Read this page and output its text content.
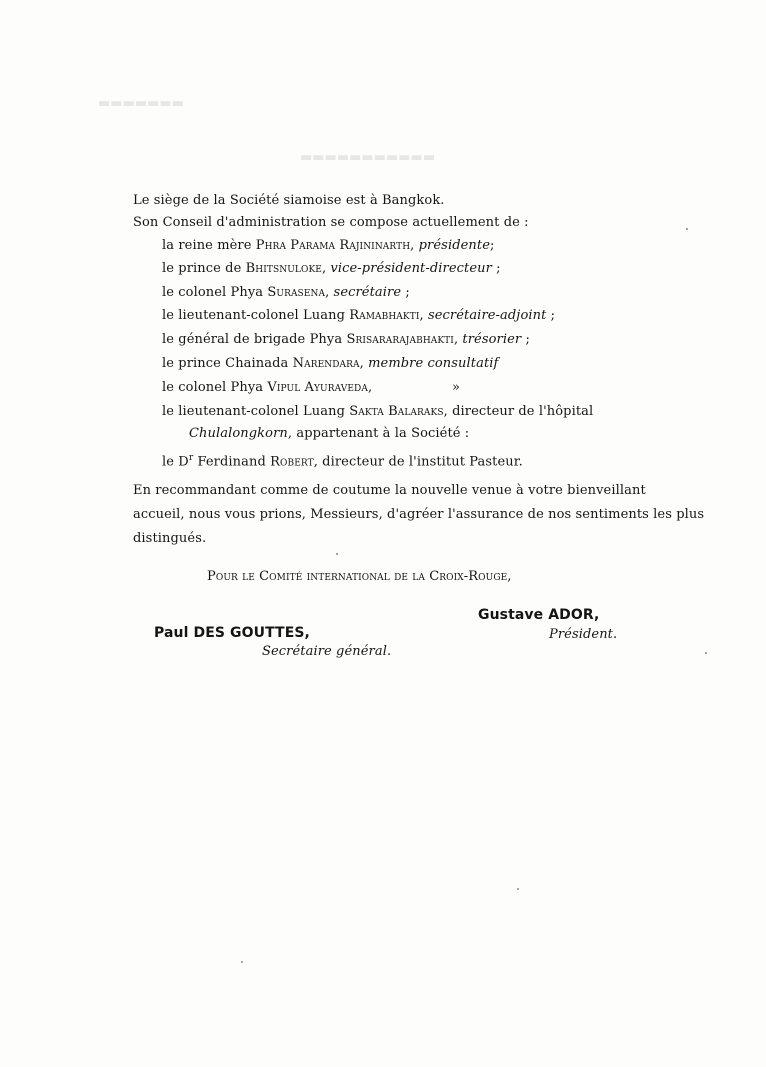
▬▬▬▬▬▬▬
▬▬▬▬▬▬▬▬▬▬▬
Le siège de la Société siamoise est à Bangkok.
Son Conseil d'administration se compose actuellement de :
la reine mère Phra Parama Rajininarth, présidente;
le prince de Bhitsnuloke, vice-président-directeur ;
le colonel Phya Surasena, secrétaire ;
le lieutenant-colonel Luang Ramabhakti, secrétaire-adjoint ;
le général de brigade Phya Srisararajabhakti, trésorier ;
le prince Chainada Narendara, membre consultatif
le colonel Phya Vipul Ayuraveda,	»
le lieutenant-colonel Luang Sakta Balaraks, directeur de l'hôpital
Chulalongkorn, appartenant à la Société :
le $D^r$ Ferdinand Robert, directeur de l'institut Pasteur.
En recommandant comme de coutume la nouvelle venue à votre bienveillant
accueil, nous vous prions, Messieurs, d'agréer l'assurance de nos sentiments les plus
distingués.
Pour le Comité international de la Croix-Rouge,
Gustave ADOR,
Paul DES GOUTTES,	Président.
Secrétaire général.
